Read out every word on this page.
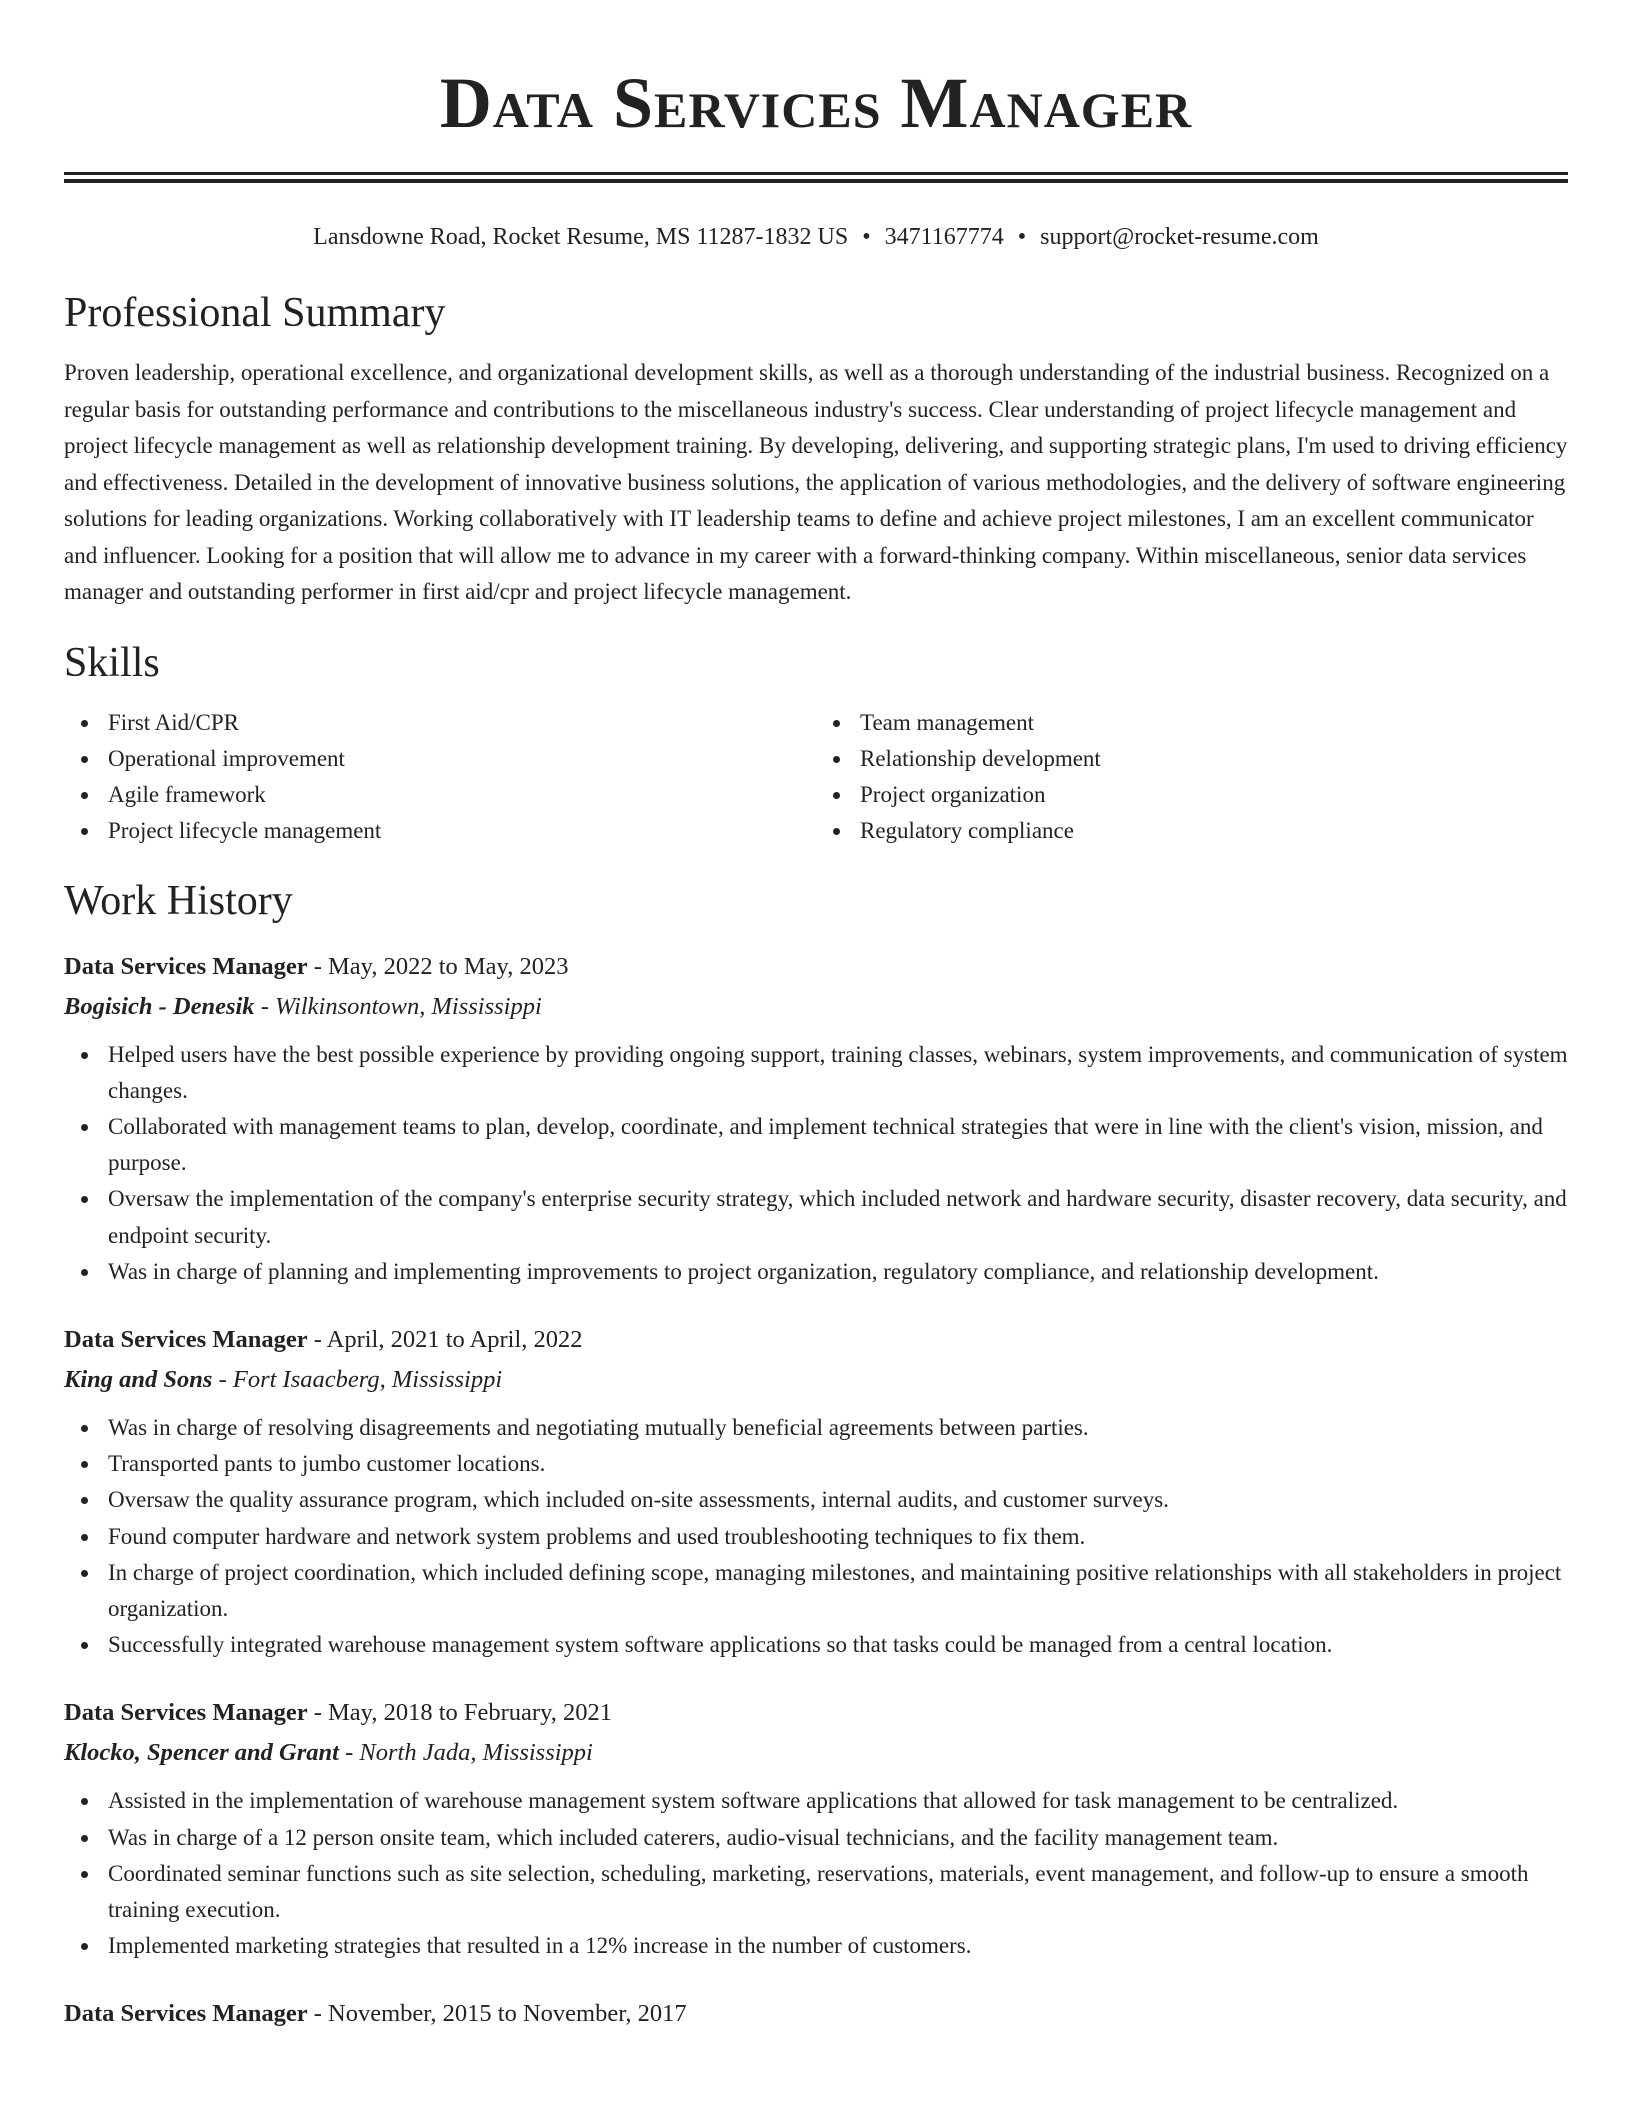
Data Services Manager
Lansdowne Road, Rocket Resume, MS 11287-1832 US • 3471167774 • support@rocket-resume.com
Professional Summary

Proven leadership, operational excellence, and organizational development skills, as well as a thorough understanding of the industrial business. Recognized on a regular basis for outstanding performance and contributions to the miscellaneous industry's success. Clear understanding of project lifecycle management and project lifecycle management as well as relationship development training. By developing, delivering, and supporting strategic plans, I'm used to driving efficiency and effectiveness. Detailed in the development of innovative business solutions, the application of various methodologies, and the delivery of software engineering solutions for leading organizations. Working collaboratively with IT leadership teams to define and achieve project milestones, I am an excellent communicator and influencer. Looking for a position that will allow me to advance in my career with a forward-thinking company. Within miscellaneous, senior data services manager and outstanding performer in first aid/cpr and project lifecycle management.

Skills
First Aid/CPR
Operational improvement
Agile framework
Project lifecycle management
Team management
Relationship development
Project organization
Regulatory compliance
Work History
Data Services Manager - May, 2022 to May, 2023
Bogisich - Denesik - Wilkinsontown, Mississippi
Helped users have the best possible experience by providing ongoing support, training classes, webinars, system improvements, and communication of system changes.
Collaborated with management teams to plan, develop, coordinate, and implement technical strategies that were in line with the client's vision, mission, and purpose.
Oversaw the implementation of the company's enterprise security strategy, which included network and hardware security, disaster recovery, data security, and endpoint security.
Was in charge of planning and implementing improvements to project organization, regulatory compliance, and relationship development.
Data Services Manager - April, 2021 to April, 2022
King and Sons - Fort Isaacberg, Mississippi
Was in charge of resolving disagreements and negotiating mutually beneficial agreements between parties.
Transported pants to jumbo customer locations.
Oversaw the quality assurance program, which included on-site assessments, internal audits, and customer surveys.
Found computer hardware and network system problems and used troubleshooting techniques to fix them.
In charge of project coordination, which included defining scope, managing milestones, and maintaining positive relationships with all stakeholders in project organization.
Successfully integrated warehouse management system software applications so that tasks could be managed from a central location.
Data Services Manager - May, 2018 to February, 2021
Klocko, Spencer and Grant - North Jada, Mississippi
Assisted in the implementation of warehouse management system software applications that allowed for task management to be centralized.
Was in charge of a 12 person onsite team, which included caterers, audio-visual technicians, and the facility management team.
Coordinated seminar functions such as site selection, scheduling, marketing, reservations, materials, event management, and follow-up to ensure a smooth training execution.
Implemented marketing strategies that resulted in a 12% increase in the number of customers.
Data Services Manager - November, 2015 to November, 2017
